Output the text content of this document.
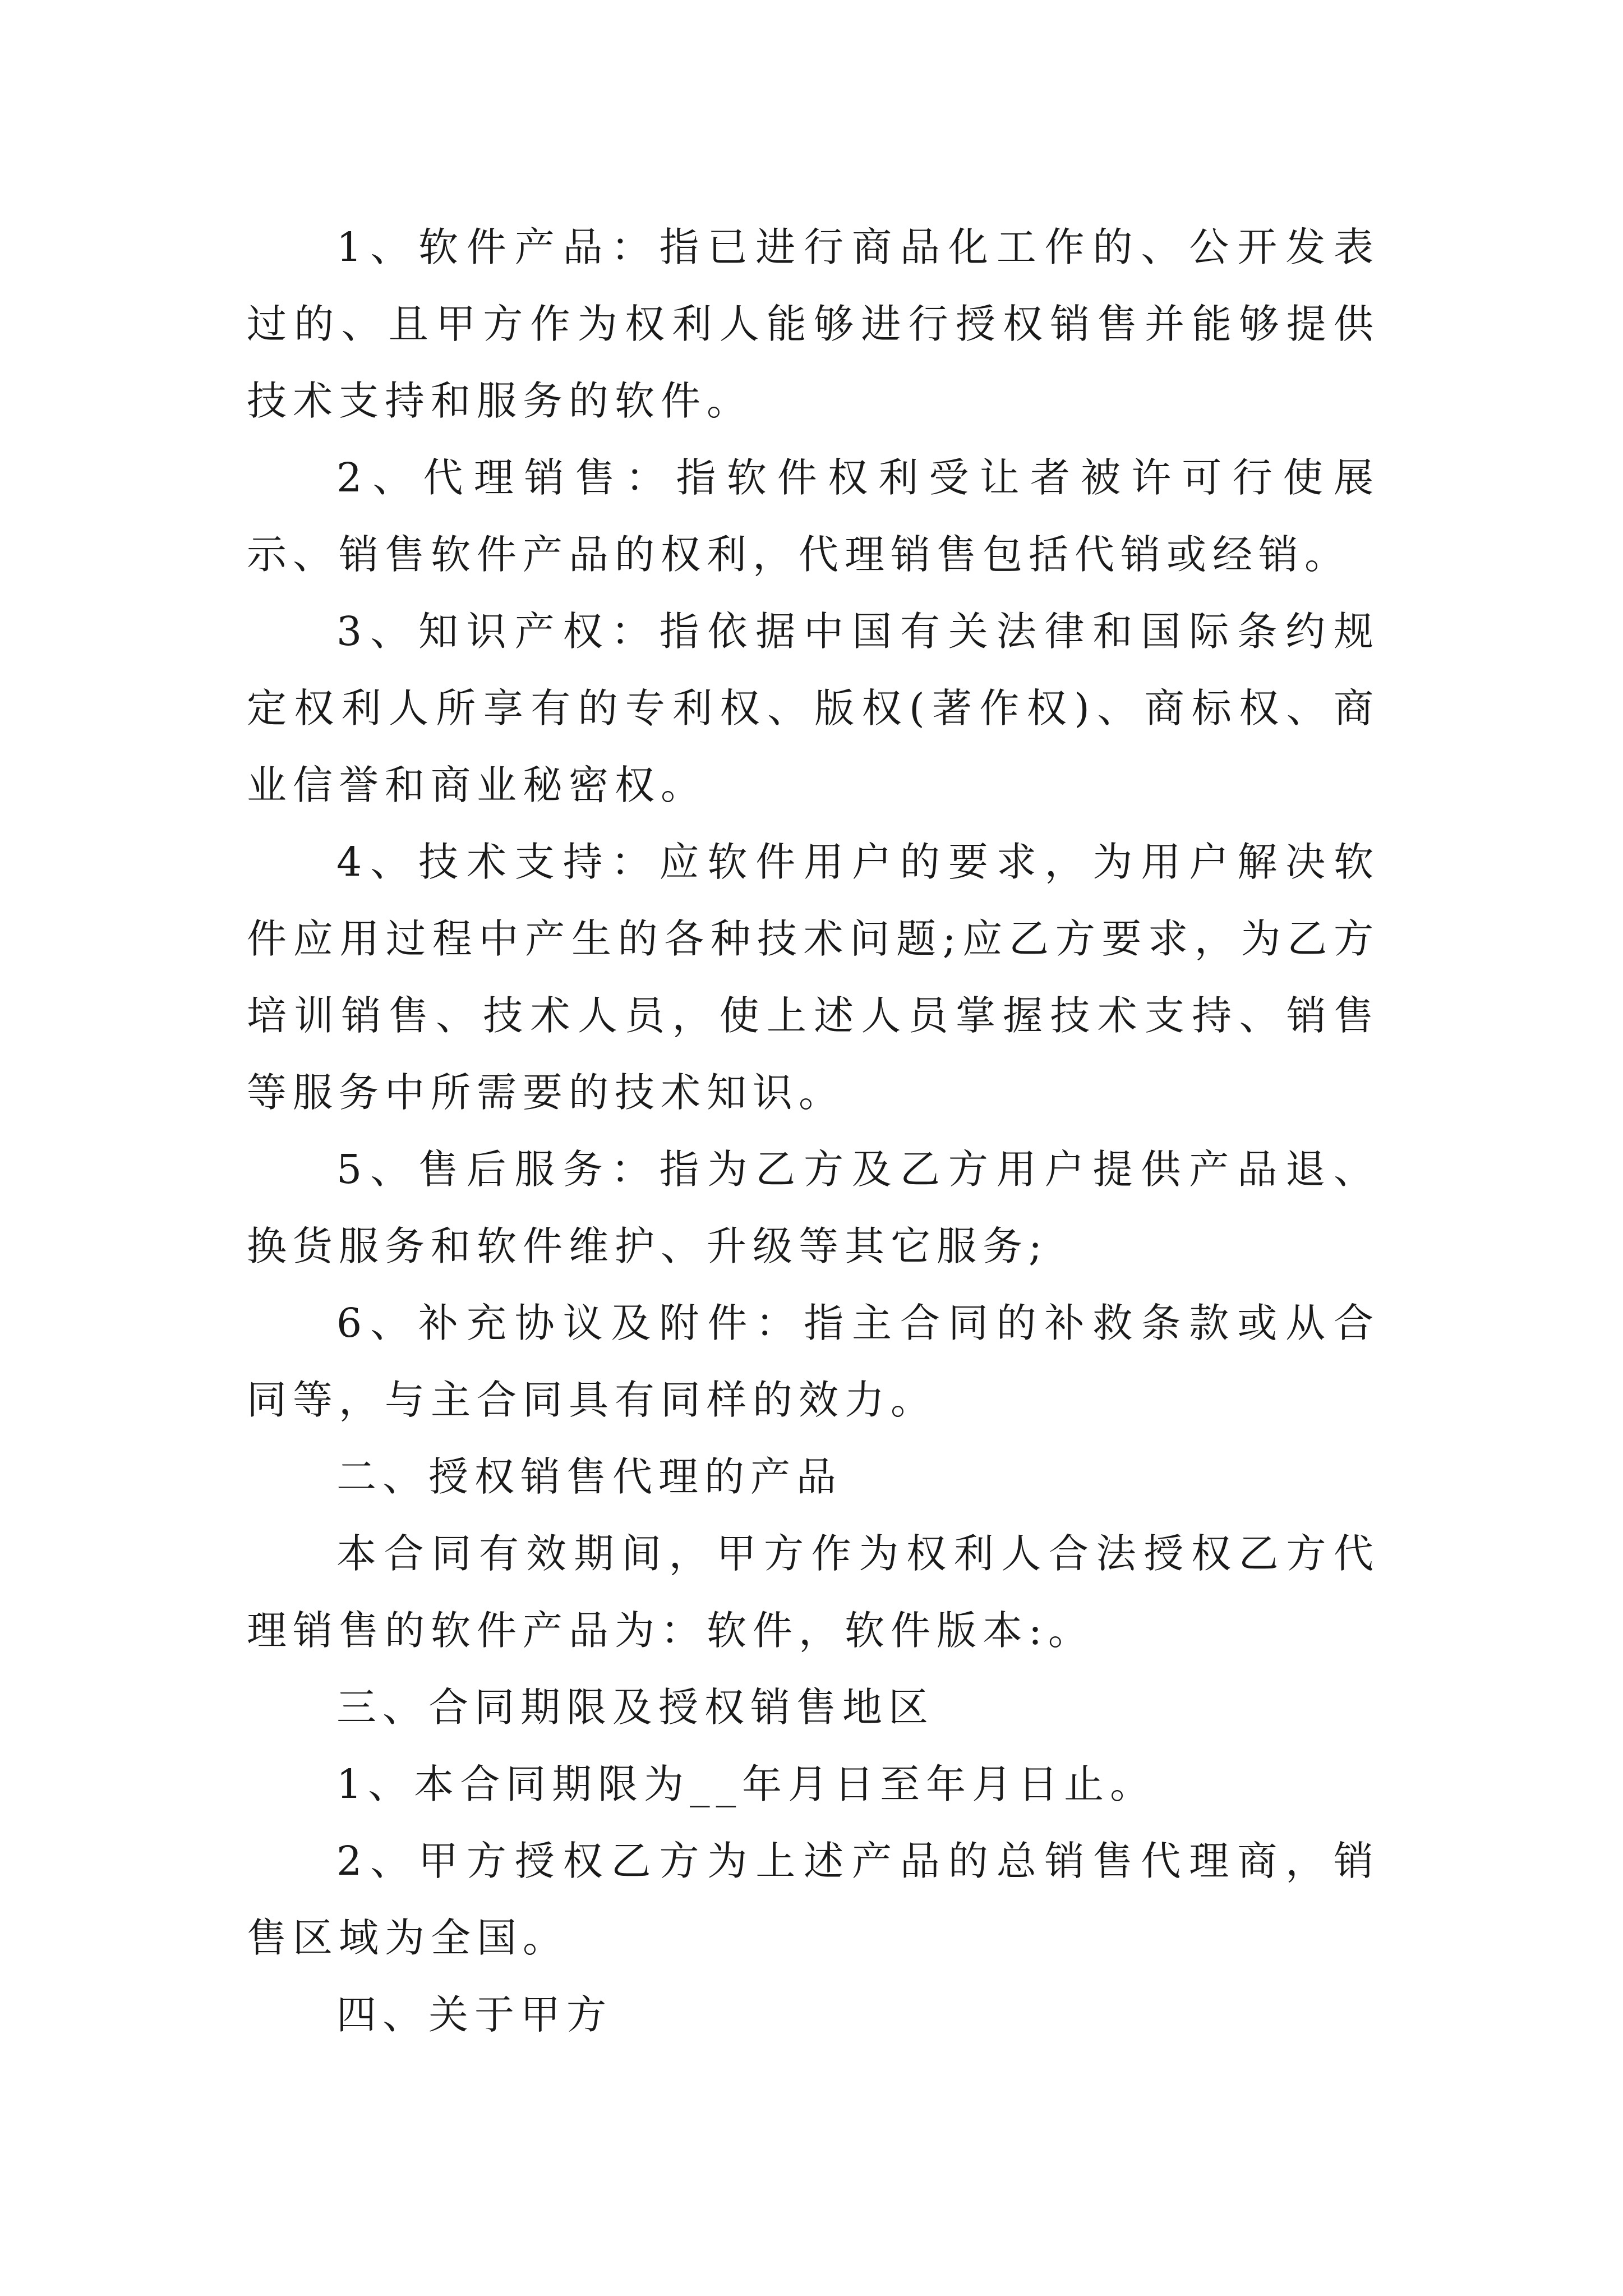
1、软件产品：指已进行商品化工作的、公开发表过的、且甲方作为权利人能够进行授权销售并能够提供技术支持和服务的软件。

2、代理销售：指软件权利受让者被许可行使展示、销售软件产品的权利，代理销售包括代销或经销。

3、知识产权：指依据中国有关法律和国际条约规定权利人所享有的专利权、版权(著作权)、商标权、商业信誉和商业秘密权。

4、技术支持：应软件用户的要求，为用户解决软件应用过程中产生的各种技术问题;应乙方要求，为乙方培训销售、技术人员，使上述人员掌握技术支持、销售等服务中所需要的技术知识。

5、售后服务：指为乙方及乙方用户提供产品退、换货服务和软件维护、升级等其它服务;

6、补充协议及附件：指主合同的补救条款或从合同等，与主合同具有同样的效力。

二、授权销售代理的产品

本合同有效期间，甲方作为权利人合法授权乙方代理销售的软件产品为：软件，软件版本:。

三、合同期限及授权销售地区

1、本合同期限为__年月日至年月日止。

2、甲方授权乙方为上述产品的总销售代理商，销售区域为全国。

四、关于甲方
